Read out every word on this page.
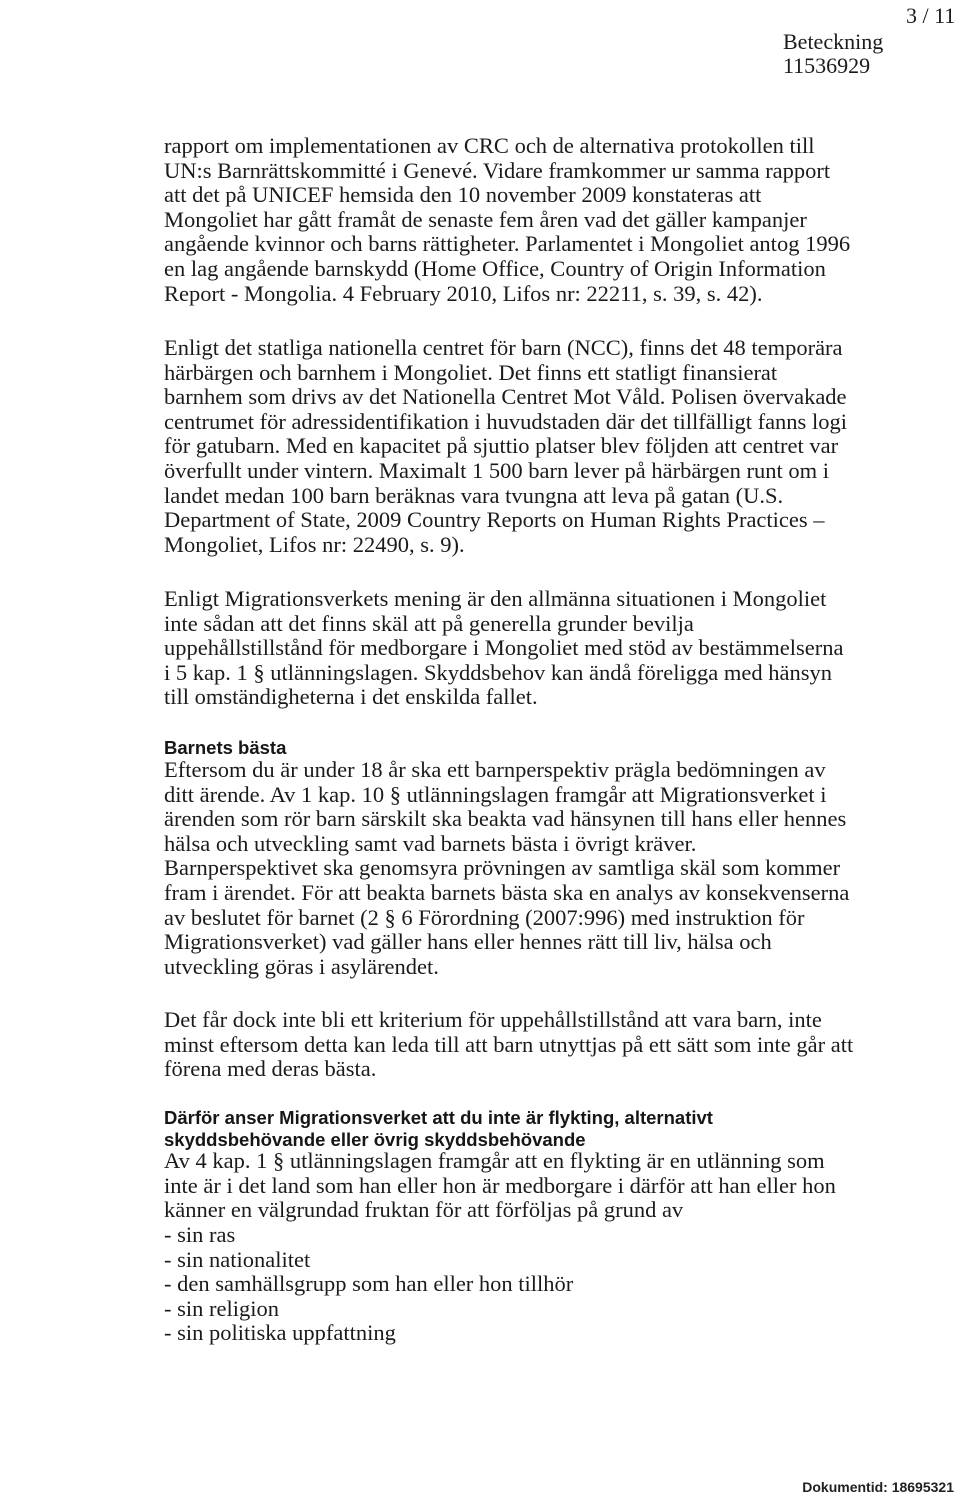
3 / 11
Beteckning
11536929
rapport om implementationen av CRC och de alternativa protokollen till
UN:s Barnrättskommitté i Genevé. Vidare framkommer ur samma rapport
att det på UNICEF hemsida den 10 november 2009 konstateras att
Mongoliet har gått framåt de senaste fem åren vad det gäller kampanjer
angående kvinnor och barns rättigheter. Parlamentet i Mongoliet antog 1996
en lag angående barnskydd (Home Office, Country of Origin Information
Report - Mongolia. 4 February 2010, Lifos nr: 22211, s. 39, s. 42).
Enligt det statliga nationella centret för barn (NCC), finns det 48 temporära
härbärgen och barnhem i Mongoliet. Det finns ett statligt finansierat
barnhem som drivs av det Nationella Centret Mot Våld. Polisen övervakade
centrumet för adressidentifikation i huvudstaden där det tillfälligt fanns logi
för gatubarn. Med en kapacitet på sjuttio platser blev följden att centret var
överfullt under vintern. Maximalt 1 500 barn lever på härbärgen runt om i
landet medan 100 barn beräknas vara tvungna att leva på gatan (U.S.
Department of State, 2009 Country Reports on Human Rights Practices –
Mongoliet, Lifos nr: 22490, s. 9).
Enligt Migrationsverkets mening är den allmänna situationen i Mongoliet
inte sådan att det finns skäl att på generella grunder bevilja
uppehållstillstånd för medborgare i Mongoliet med stöd av bestämmelserna
i 5 kap. 1 § utlänningslagen. Skyddsbehov kan ändå föreligga med hänsyn
till omständigheterna i det enskilda fallet.
Barnets bästa
Eftersom du är under 18 år ska ett barnperspektiv prägla bedömningen av
ditt ärende. Av 1 kap. 10 § utlänningslagen framgår att Migrationsverket i
ärenden som rör barn särskilt ska beakta vad hänsynen till hans eller hennes
hälsa och utveckling samt vad barnets bästa i övrigt kräver.
Barnperspektivet ska genomsyra prövningen av samtliga skäl som kommer
fram i ärendet. För att beakta barnets bästa ska en analys av konsekvenserna
av beslutet för barnet (2 § 6 Förordning (2007:996) med instruktion för
Migrationsverket) vad gäller hans eller hennes rätt till liv, hälsa och
utveckling göras i asylärendet.
Det får dock inte bli ett kriterium för uppehållstillstånd att vara barn, inte
minst eftersom detta kan leda till att barn utnyttjas på ett sätt som inte går att
förena med deras bästa.
Därför anser Migrationsverket att du inte är flykting, alternativt
skyddsbehövande eller övrig skyddsbehövande
Av 4 kap. 1 § utlänningslagen framgår att en flykting är en utlänning som
inte är i det land som han eller hon är medborgare i därför att han eller hon
känner en välgrundad fruktan för att förföljas på grund av
- sin ras
- sin nationalitet
- den samhällsgrupp som han eller hon tillhör
- sin religion
- sin politiska uppfattning
Dokumentid: 18695321
